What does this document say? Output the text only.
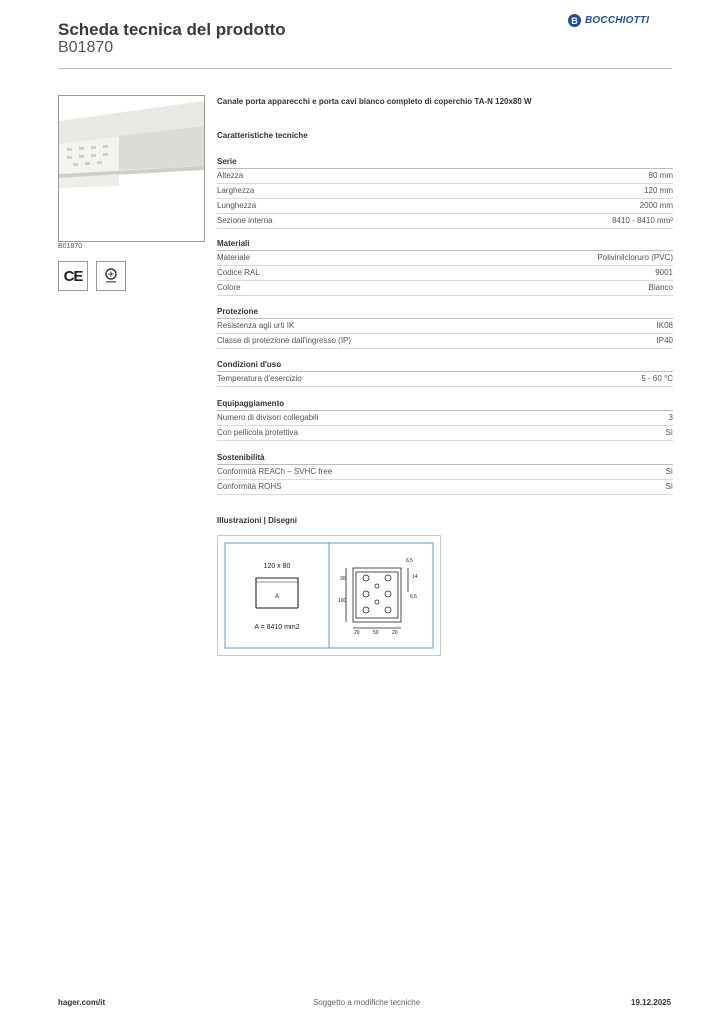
Scheda tecnica del prodotto
B01870
B BOCCHIOTTI
B01870
CE
Canale porta apparecchi e porta cavi bianco completo di coperchio TA-N 120x80 W
Caratteristiche tecniche
Serie
Altezza	80 mm
Larghezza	120 mm
Lunghezza	2000 mm
Sezione interna	8410 - 8410 mm²
Materiali
Materiale	Polivinilcloruro (PVC)
Codice RAL	9001
Colore	Bianco
Protezione
Resistenza agli urti IK	IK08
Classe di protezione dall'ingresso (IP)	IP40
Condizioni d'uso
Temperatura d'esercizio	5 - 60 °C
Equipaggiamento
Numero di divisori collegabili	3
Con pellicola protettiva	Sì
Sostenibilità
Conformità REACh – SVHC free	Sì
Conformità ROHS	Sì
Illustrazioni | Disegni
120 x 80
A
A = 8410 mm2
6,5
14
30
100
6,5
50
20	20
hager.com/it	Soggetto a modifiche tecniche	19.12.2025
